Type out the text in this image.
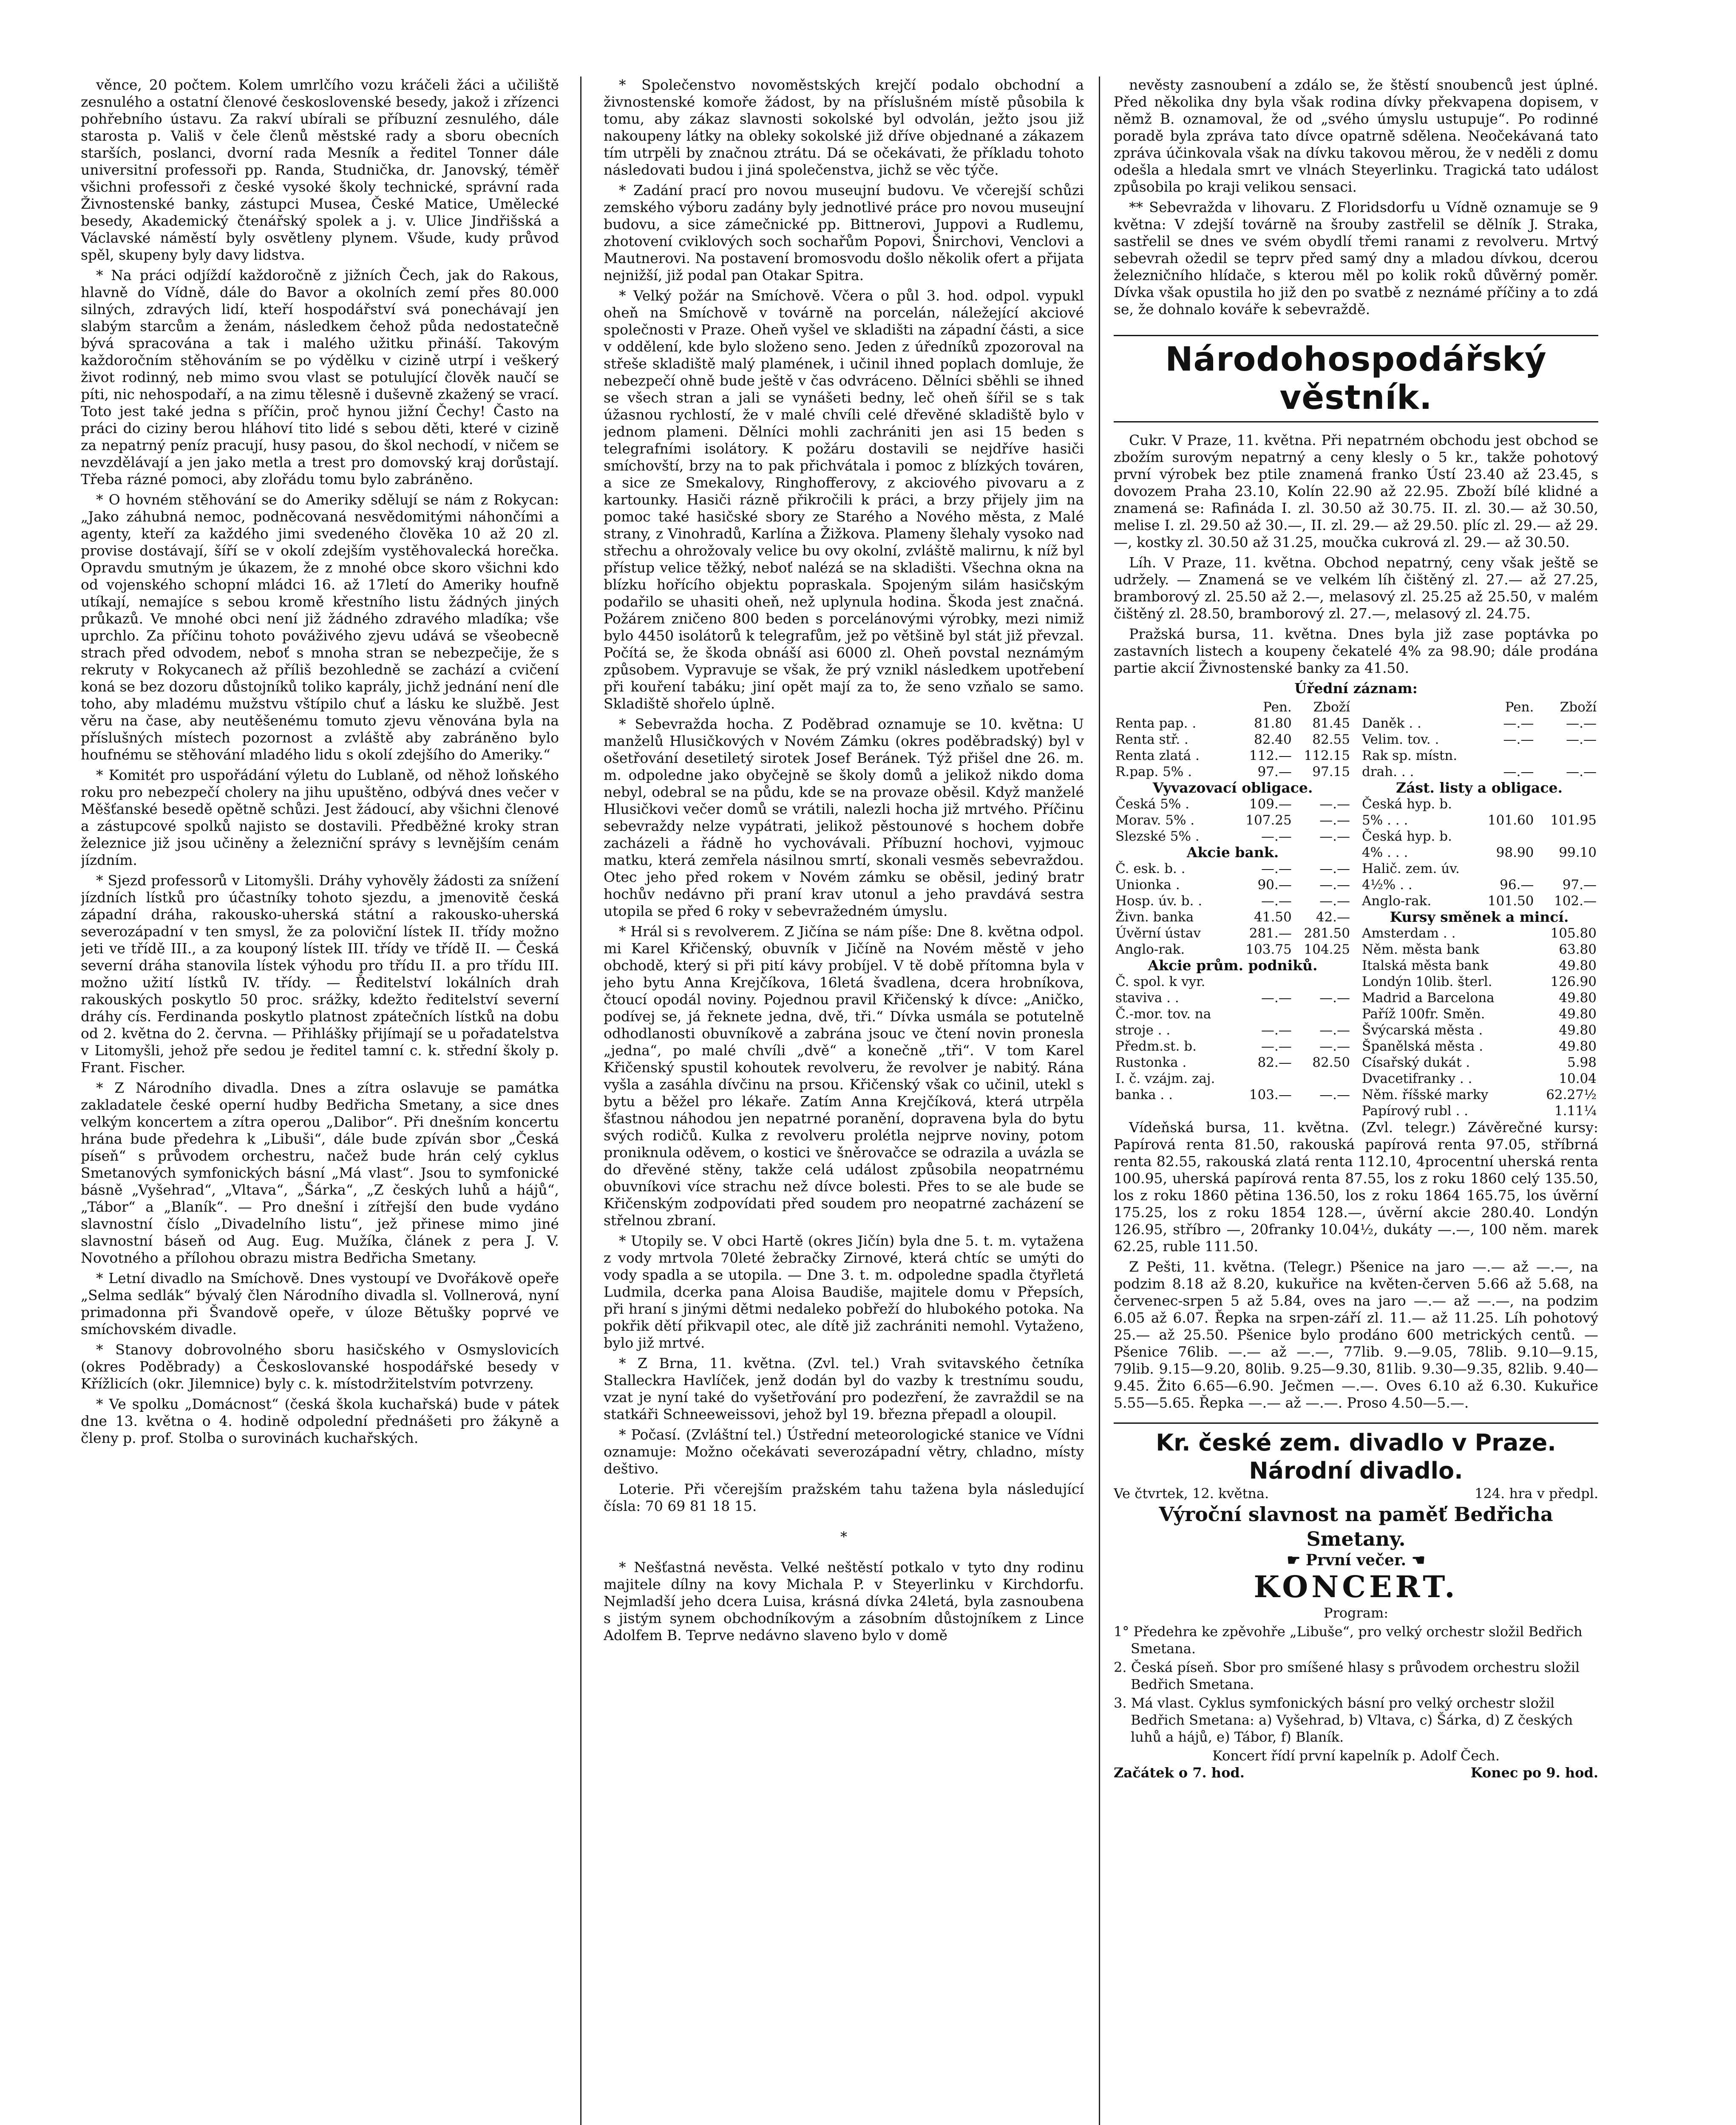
věnce, 20 počtem. Kolem umrlčího vozu kráčeli žáci a učiliště zesnulého a ostatní členové československé besedy, jakož i zřízenci pohřebního ústavu. Za rakví ubírali se příbuzní zesnulého, dále starosta p. Vališ v čele členů městské rady a sboru obecních starších, poslanci, dvorní rada Mesník a ředitel Tonner dále universitní professoři pp. Randa, Studnička, dr. Janovský, téměř všichni professoři z české vysoké školy technické, správní rada Živnostenské banky, zástupci Musea, České Matice, Umělecké besedy, Akademický čtenářský spolek a j. v. Ulice Jindřišská a Václavské náměstí byly osvětleny plynem. Všude, kudy průvod spěl, skupeny byly davy lidstva.

* Na práci odjíždí každoročně z jižních Čech, jak do Rakous, hlavně do Vídně, dále do Bavor a okolních zemí přes 80.000 silných, zdravých lidí, kteří hospodářství svá ponechávají jen slabým starcům a ženám, následkem čehož půda nedostatečně bývá spracována a tak i malého užitku přináší. Takovým každoročním stěhováním se po výdělku v cizině utrpí i veškerý život rodinný, neb mimo svou vlast se potulující člověk naučí se píti, nic nehospodaří, a na zimu tělesně i duševně zkažený se vrací. Toto jest také jedna s příčin, proč hynou jižní Čechy! Často na práci do ciziny berou hláhoví tito lidé s sebou děti, které v cizině za nepatrný peníz pracují, husy pasou, do škol nechodí, v ničem se nevzdělávají a jen jako metla a trest pro domovský kraj dorůstají. Třeba rázné pomoci, aby zlořádu tomu bylo zabráněno.

* O hovném stěhování se do Ameriky sdělují se nám z Rokycan: „Jako záhubná nemoc, podněcovaná nesvědomitými náhončími a agenty, kteří za každého jimi svedeného člověka 10 až 20 zl. provise dostávají, šíří se v okolí zdejším vystěhovalecká horečka. Opravdu smutným je úkazem, že z mnohé obce skoro všichni kdo od vojenského schopní mládci 16. až 17letí do Ameriky houfně utíkají, nemajíce s sebou kromě křestního listu žádných jiných průkazů. Ve mnohé obci není již žádného zdravého mladíka; vše uprchlo. Za příčinu tohoto pováživého zjevu udává se všeobecně strach před odvodem, neboť s mnoha stran se nebezpečije, že s rekruty v Rokycanech až příliš bezohledně se zachází a cvičení koná se bez dozoru důstojníků toliko kaprály, jichž jednání není dle toho, aby mladému mužstvu vštípilo chuť a lásku ke službě. Jest věru na čase, aby neutěšenému tomuto zjevu věnována byla na příslušných místech pozornost a zvláště aby zabráněno bylo houfnému se stěhování mladého lidu s okolí zdejšího do Ameriky.“

* Komitét pro uspořádání výletu do Lublaně, od něhož loňského roku pro nebezpečí cholery na jihu upuštěno, odbývá dnes večer v Měšťanské besedě opětně schůzi. Jest žádoucí, aby všichni členové a zástupcové spolků najisto se dostavili. Předběžné kroky stran železnice již jsou učiněny a železniční správy s levnějším cenám jízdním.

* Sjezd professorů v Litomyšli. Dráhy vyhověly žádosti za snížení jízdních lístků pro účastníky tohoto sjezdu, a jmenovitě česká západní dráha, rakousko-uherská státní a rakousko-uherská severozápadní v ten smysl, že za poloviční lístek II. třídy možno jeti ve třídě III., a za kouponý lístek III. třídy ve třídě II. — Česká severní dráha stanovila lístek výhodu pro třídu II. a pro třídu III. možno užití lístků IV. třídy. — Ředitelství lokálních drah rakouských poskytlo 50 proc. srážky, kdežto ředitelství severní dráhy cís. Ferdinanda poskytlo platnost zpátečních lístků na dobu od 2. května do 2. června. — Přihlášky přijímají se u pořadatelstva v Litomyšli, jehož pře sedou je ředitel tamní c. k. střední školy p. Frant. Fischer.

* Z Národního divadla. Dnes a zítra oslavuje se památka zakladatele české operní hudby Bedřicha Smetany, a sice dnes velkým koncertem a zítra operou „Dalibor“. Při dnešním koncertu hrána bude předehra k „Libuši“, dále bude zpíván sbor „Česká píseň“ s průvodem orchestru, načež bude hrán celý cyklus Smetanových symfonických básní „Má vlast“. Jsou to symfonické básně „Vyšehrad“, „Vltava“, „Šárka“, „Z českých luhů a hájů“, „Tábor“ a „Blaník“. — Pro dnešní i zítřejší den bude vydáno slavnostní číslo „Divadelního listu“, jež přinese mimo jiné slavnostní báseň od Aug. Eug. Mužíka, článek z pera J. V. Novotného a přílohou obrazu mistra Bedřicha Smetany.

* Letní divadlo na Smíchově. Dnes vystoupí ve Dvořákově opeře „Selma sedlák“ bývalý člen Národního divadla sl. Vollnerová, nyní primadonna při Švandově opeře, v úloze Bětušky poprvé ve smíchovském divadle.

* Stanovy dobrovolného sboru hasičského v Osmyslovicích (okres Poděbrady) a Českoslovanské hospodářské besedy v Křížlicích (okr. Jilemnice) byly c. k. místodržitelstvím potvrzeny.

* Ve spolku „Domácnost“ (česká škola kuchařská) bude v pátek dne 13. května o 4. hodině odpolední přednášeti pro žákyně a členy p. prof. Stolba o surovinách kuchařských.

* Společenstvo novoměstských krejčí podalo obchodní a živnostenské komoře žádost, by na příslušném místě působila k tomu, aby zákaz slavnosti sokolské byl odvolán, ježto jsou již nakoupeny látky na obleky sokolské již dříve objednané a zákazem tím utrpěli by značnou ztrátu. Dá se očekávati, že příkladu tohoto následovati budou i jiná společenstva, jichž se věc týče.

* Zadání prací pro novou museujní budovu. Ve včerejší schůzi zemského výboru zadány byly jednotlivé práce pro novou museujní budovu, a sice zámečnické pp. Bittnerovi, Juppovi a Rudlemu, zhotovení cviklových soch sochařům Popovi, Šnirchovi, Venclovi a Mautnerovi. Na postavení bromosvodu došlo několik ofert a přijata nejnižší, již podal pan Otakar Spitra.

* Velký požár na Smíchově. Včera o půl 3. hod. odpol. vypukl oheň na Smíchově v továrně na porcelán, náležející akciové společnosti v Praze. Oheň vyšel ve skladišti na západní části, a sice v oddělení, kde bylo složeno seno. Jeden z úředníků zpozoroval na střeše skladiště malý plamének, i učinil ihned poplach domluje, že nebezpečí ohně bude ještě v čas odvráceno. Dělníci sběhli se ihned se všech stran a jali se vynášeti bedny, leč oheň šířil se s tak úžasnou rychlostí, že v malé chvíli celé dřevěné skladiště bylo v jednom plameni. Dělníci mohli zachrániti jen asi 15 beden s telegrafními isolátory. K požáru dostavili se nejdříve hasiči smíchovští, brzy na to pak přichvátala i pomoc z blízkých továren, a sice ze Smekalovy, Ringhofferovy, z akciového pivovaru a z kartounky. Hasiči rázně přikročili k práci, a brzy přijely jim na pomoc také hasičské sbory ze Starého a Nového města, z Malé strany, z Vinohradů, Karlína a Žižkova. Plameny šlehaly vysoko nad střechu a ohrožovaly velice bu ovy okolní, zvláště malirnu, k níž byl přístup velice těžký, neboť nalézá se na skladišti. Všechna okna na blízku hořícího objektu popraskala. Spojeným silám hasičským podařilo se uhasiti oheň, než uplynula hodina. Škoda jest značná. Požárem zničeno 800 beden s porcelánovými výrobky, mezi nimiž bylo 4450 isolátorů k telegrafům, jež po většině byl stát již převzal. Počítá se, že škoda obnáší asi 6000 zl. Oheň povstal neznámým způsobem. Vypravuje se však, že prý vznikl následkem upotřebení při kouření tabáku; jiní opět mají za to, že seno vzňalo se samo. Skladiště shořelo úplně.

* Sebevražda hocha. Z Poděbrad oznamuje se 10. května: U manželů Hlusičkových v Novém Zámku (okres poděbradský) byl v ošetřování desetiletý sirotek Josef Beránek. Týž přišel dne 26. m. m. odpoledne jako obyčejně se školy domů a jelikož nikdo doma nebyl, odebral se na půdu, kde se na provaze oběsil. Když manželé Hlusičkovi večer domů se vrátili, nalezli hocha již mrtvého. Příčinu sebevraždy nelze vypátrati, jelikož pěstounové s hochem dobře zacházeli a řádně ho vychovávali. Příbuzní hochovi, vyjmouc matku, která zemřela násilnou smrtí, skonali vesměs sebevraždou. Otec jeho před rokem v Novém zámku se oběsil, jediný bratr hochův nedávno při praní krav utonul a jeho pravdává sestra utopila se před 6 roky v sebevražedném úmyslu.

* Hrál si s revolverem. Z Jičína se nám píše: Dne 8. května odpol. mi Karel Křičenský, obuvník v Jičíně na Novém městě v jeho obchodě, který si při pití kávy probíjel. V tě době přítomna byla v jeho bytu Anna Krejčíkova, 16letá švadlena, dcera hrobníkova, čtoucí opodál noviny. Pojednou pravil Křičenský k dívce: „Aničko, podívej se, já řeknete jedna, dvě, tři.“ Dívka usmála se potutelně odhodlanosti obuvníkově a zabrána jsouc ve čtení novin pronesla „jedna“, po malé chvíli „dvě“ a konečně „tři“. V tom Karel Křičenský spustil kohoutek revolveru, že revolver je nabitý. Rána vyšla a zasáhla dívčinu na prsou. Křičenský však co učinil, utekl s bytu a běžel pro lékaře. Zatím Anna Krejčíková, která utrpěla šťastnou náhodou jen nepatrné poranění, dopravena byla do bytu svých rodičů. Kulka z revolveru prolétla nejprve noviny, potom proniknula oděvem, o kostici ve šněrovačce se odrazila a uvázla se do dřevěné stěny, takže celá událost způsobila neopatrnému obuvníkovi více strachu než dívce bolesti. Přes to se ale bude se Křičenským zodpovídati před soudem pro neopatrné zacházení se střelnou zbraní.

* Utopily se. V obci Hartě (okres Jičín) byla dne 5. t. m. vytažena z vody mrtvola 70leté žebračky Zirnové, která chtíc se umýti do vody spadla a se utopila. — Dne 3. t. m. odpoledne spadla čtyřletá Ludmila, dcerka pana Aloisa Baudiše, majitele domu v Přepsích, při hraní s jinými dětmi nedaleko pobřeží do hlubokého potoka. Na pokřik dětí přikvapil otec, ale dítě již zachrániti nemohl. Vytaženo, bylo již mrtvé.

* Z Brna, 11. května. (Zvl. tel.) Vrah svitavského četníka Stalleckra Havlíček, jenž dodán byl do vazby k trestnímu soudu, vzat je nyní také do vyšetřování pro podezření, že zavraždil se na statkáři Schneeweissovi, jehož byl 19. března přepadl a oloupil.

* Počasí. (Zvláštní tel.) Ústřední meteorologické stanice ve Vídni oznamuje: Možno očekávati severozápadní větry, chladno, místy deštivo.

Loterie. Při včerejším pražském tahu tažena byla následující čísla: 70 69 81 18 15.

*

* Nešťastná nevěsta. Velké neštěstí potkalo v tyto dny rodinu majitele dílny na kovy Michala P. v Steyerlinku v Kirchdorfu. Nejmladší jeho dcera Luisa, krásná dívka 24letá, byla zasnoubena s jistým synem obchodníkovým a zásobním důstojníkem z Lince Adolfem B. Teprve nedávno slaveno bylo v domě

nevěsty zasnoubení a zdálo se, že štěstí snoubenců jest úplné. Před několika dny byla však rodina dívky překvapena dopisem, v němž B. oznamoval, že od „svého úmyslu ustupuje“. Po rodinné poradě byla zpráva tato dívce opatrně sdělena. Neočekávaná tato zpráva účinkovala však na dívku takovou měrou, že v neděli z domu odešla a hledala smrt ve vlnách Steyerlinku. Tragická tato událost způsobila po kraji velikou sensaci.

** Sebevražda v lihovaru. Z Floridsdorfu u Vídně oznamuje se 9 května: V zdejší továrně na šrouby zastřelil se dělník J. Straka, sastřelil se dnes ve svém obydlí třemi ranami z revolveru. Mrtvý sebevrah ožedil se teprv před samý dny a mladou dívkou, dcerou železničního hlídače, s kterou měl po kolik roků důvěrný poměr. Dívka však opustila ho již den po svatbě z neznámé příčiny a to zdá se, že dohnalo kováře k sebevraždě.

Národohospodářský věstník.

Cukr. V Praze, 11. května. Při nepatrném obchodu jest obchod se zbožím surovým nepatrný a ceny klesly o 5 kr., takže pohotový první výrobek bez ptile znamená franko Ústí 23.40 až 23.45, s dovozem Praha 23.10, Kolín 22.90 až 22.95. Zboží bílé klidné a znamená se: Rafináda I. zl. 30.50 až 30.75. II. zl. 30.— až 30.50, melise I. zl. 29.50 až 30.—, II. zl. 29.— až 29.50. plíc zl. 29.— až 29.—, kostky zl. 30.50 až 31.25, moučka cukrová zl. 29.— až 30.50.

Líh. V Praze, 11. května. Obchod nepatrný, ceny však ještě se udržely. — Znamená se ve velkém líh čištěný zl. 27.— až 27.25, bramborový zl. 25.50 až 2.—, melasový zl. 25.25 až 25.50, v malém čištěný zl. 28.50, bramborový zl. 27.—, melasový zl. 24.75.

Pražská bursa, 11. května. Dnes byla již zase poptávka po zastavních listech a koupeny čekatelé 4% za 98.90; dále prodána partie akcií Živnostenské banky za 41.50.

Úřední záznam:
	Pen.	Zboží
Renta pap. .	81.80	81.45
Renta stř. .	82.40	82.55
Renta zlatá .	112.—	112.15
R.pap. 5% .	97.—	97.15
Vyvazovací obligace.		
Česká 5% .	109.—	—.—
Morav. 5% .	107.25	—.—
Slezské 5% .	—.—	—.—
Akcie bank.		
Č. esk. b. .	—.—	—.—
Unionka .	90.—	—.—
Hosp. úv. b. .	—.—	—.—
Živn. banka	41.50	42.—
Úvěrní ústav	281.—	281.50
Anglo-rak.	103.75	104.25
Akcie prům. podniků.		
Č. spol. k vyr.		
staviva . .	—.—	—.—
Č.-mor. tov. na		
stroje . .	—.—	—.—
Předm.st. b.	—.—	—.—
Rustonka .	82.—	82.50
I. č. vzájm. zaj.		
banka . .	103.—	—.—
	Pen.	Zboží
Daněk . .	—.—	—.—
Velim. tov. .	—.—	—.—
Rak sp. místn.		
drah. . .	—.—	—.—
Zást. listy a obligace.		
Česká hyp. b.		
5% . . .	101.60	101.95
Česká hyp. b.		
4% . . .	98.90	99.10
Halič. zem. úv.		
4½% . .	96.—	97.—
Anglo-rak.	101.50	102.—
Kursy směnek a mincí.		
Amsterdam . .		105.80
Něm. města bank		63.80
Italská města bank		49.80
Londýn 10lib. šterl.		126.90
Madrid a Barcelona		49.80
Paříž 100fr. Směn.		49.80
Švýcarská města .		49.80
Španělská města .		49.80
Císařský dukát .		5.98
Dvacetifranky . .		10.04
Něm. říšské marky		62.27½
Papírový rubl . .		1.11¼

Vídeňská bursa, 11. května. (Zvl. telegr.) Závěrečné kursy: Papírová renta 81.50, rakouská papírová renta 97.05, stříbrná renta 82.55, rakouská zlatá renta 112.10, 4procentní uherská renta 100.95, uherská papírová renta 87.55, los z roku 1860 celý 135.50, los z roku 1860 pětina 136.50, los z roku 1864 165.75, los úvěrní 175.25, los z roku 1854 128.—, úvěrní akcie 280.40. Londýn 126.95, stříbro —, 20franky 10.04½, dukáty —.—, 100 něm. marek 62.25, ruble 111.50.

Z Pešti, 11. května. (Telegr.) Pšenice na jaro —.— až —.—, na podzim 8.18 až 8.20, kukuřice na květen-červen 5.66 až 5.68, na červenec-srpen 5 až 5.84, oves na jaro —.— až —.—, na podzim 6.05 až 6.07. Řepka na srpen-září zl. 11.— až 11.25. Líh pohotový 25.— až 25.50. Pšenice bylo prodáno 600 metrických centů. — Pšenice 76lib. —.— až —.—, 77lib. 9.—9.05, 78lib. 9.10—9.15, 79lib. 9.15—9.20, 80lib. 9.25—9.30, 81lib. 9.30—9.35, 82lib. 9.40—9.45. Žito 6.65—6.90. Ječmen —.—. Oves 6.10 až 6.30. Kukuřice 5.55—5.65. Řepka —.— až —.—. Proso 4.50—5.—.

Kr. české zem. divadlo v Praze. Národní divadlo.
Ve čtvrtek, 12. května.	124. hra v předpl.
Výroční slavnost na paměť Bedřicha Smetany.
☛ První večer. ☚
KONCERT.
Program:

1° Předehra ke zpěvohře „Libuše“, pro velký orchestr složil Bedřich Smetana.

2. Česká píseň. Sbor pro smíšené hlasy s průvodem orchestru složil Bedřich Smetana.

3. Má vlast. Cyklus symfonických básní pro velký orchestr složil Bedřich Smetana: a) Vyšehrad, b) Vltava, c) Šárka, d) Z českých luhů a hájů, e) Tábor, f) Blaník.

Koncert řídí první kapelník p. Adolf Čech.
Začátek o 7. hod.	Konec po 9. hod.
